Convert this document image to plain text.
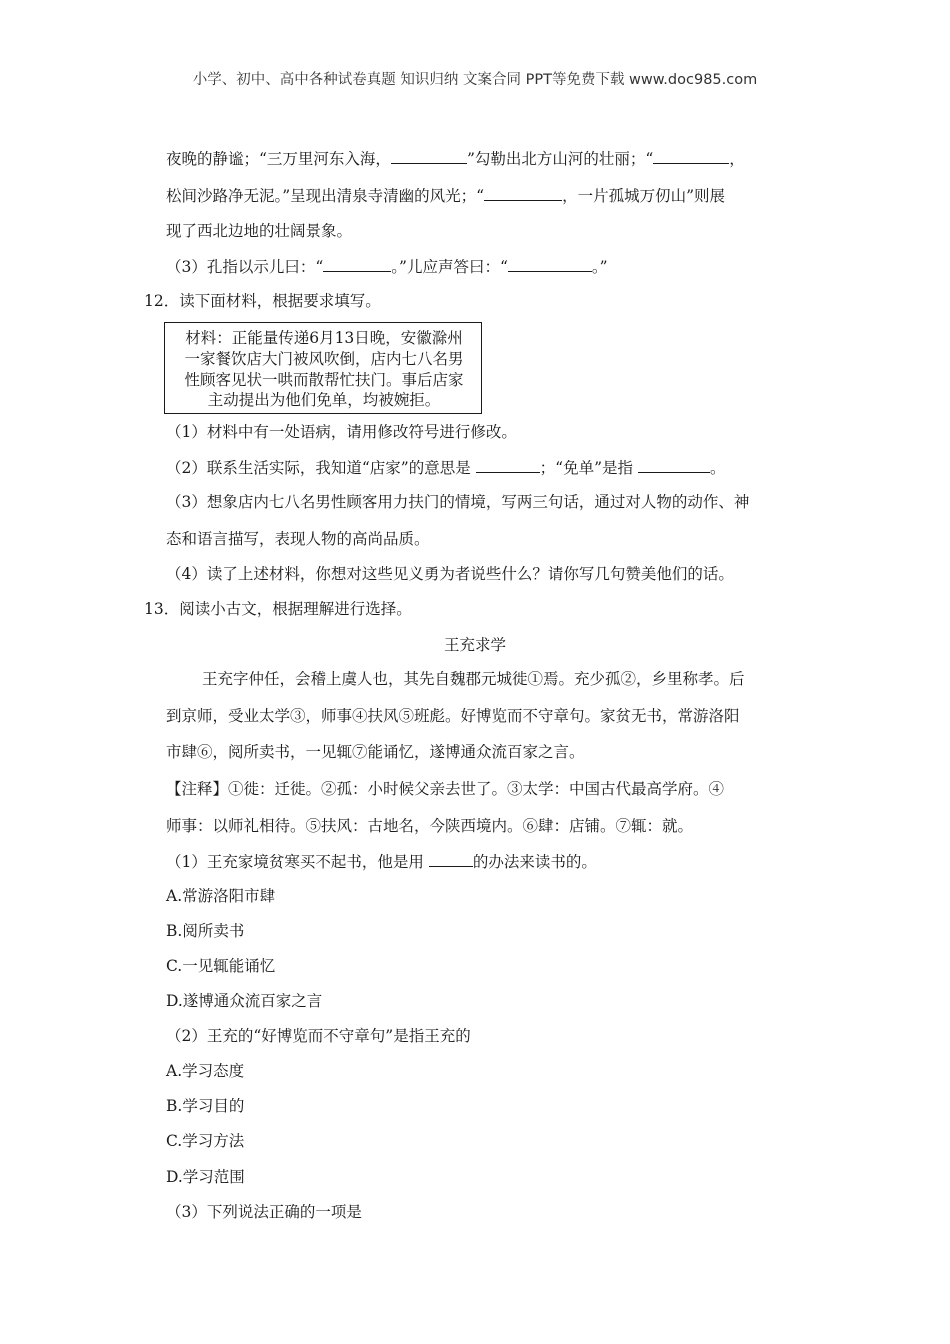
小学、初中、高中各种试卷真题 知识归纳 文案合同 PPT等免费下载 www.doc985.com
夜晚的静谧；“三万里河东入海，	”勾勒出北方山河的壮丽；“	，
松间沙路净无泥。”呈现出清泉寺清幽的风光；“	，一片孤城万仞山”则展
现了西北边地的壮阔景象。
（3）孔指以示儿曰：“	。”儿应声答曰：“	。”
12．读下面材料，根据要求填写。
材料：正能量传递6月13日晚，安徽滁州
一家餐饮店大门被风吹倒，店内七八名男
性顾客见状一哄而散帮忙扶门。事后店家
主动提出为他们免单，均被婉拒。
（1）材料中有一处语病，请用修改符号进行修改。
（2）联系生活实际，我知道“店家”的意思是	；“免单”是指	。
（3）想象店内七八名男性顾客用力扶门的情境，写两三句话，通过对人物的动作、神
态和语言描写，表现人物的高尚品质。
（4）读了上述材料，你想对这些见义勇为者说些什么？请你写几句赞美他们的话。
13．阅读小古文，根据理解进行选择。
王充求学
王充字仲任，会稽上虞人也，其先自魏郡元城徙①焉。充少孤②，乡里称孝。后
到京师，受业太学③，师事④扶风⑤班彪。好博览而不守章句。家贫无书，常游洛阳
市肆⑥，阅所卖书，一见辄⑦能诵忆，遂博通众流百家之言。
【注释】①徙：迁徙。②孤：小时候父亲去世了。③太学：中国古代最高学府。④
师事：以师礼相待。⑤扶风：古地名，今陕西境内。⑥肆：店铺。⑦辄：就。
（1）王充家境贫寒买不起书，他是用	的办法来读书的。
A.常游洛阳市肆
B.阅所卖书
C.一见辄能诵忆
D.遂博通众流百家之言
（2）王充的“好博览而不守章句”是指王充的
A.学习态度
B.学习目的
C.学习方法
D.学习范围
（3）下列说法正确的一项是
